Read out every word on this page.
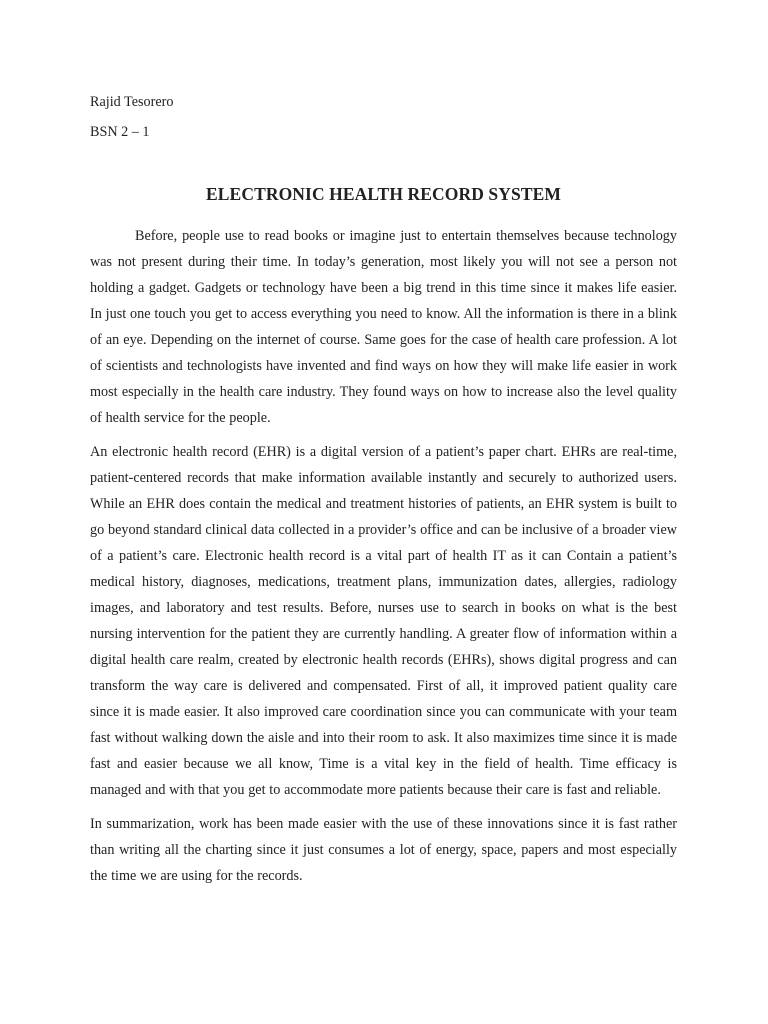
Rajid Tesorero

BSN 2 – 1

ELECTRONIC HEALTH RECORD SYSTEM

Before, people use to read books or imagine just to entertain themselves because technology was not present during their time. In today’s generation, most likely you will not see a person not holding a gadget. Gadgets or technology have been a big trend in this time since it makes life easier. In just one touch you get to access everything you need to know. All the information is there in a blink of an eye. Depending on the internet of course. Same goes for the case of health care profession. A lot of scientists and technologists have invented and find ways on how they will make life easier in work most especially in the health care industry. They found ways on how to increase also the level quality of health service for the people.

An electronic health record (EHR) is a digital version of a patient’s paper chart. EHRs are real-time, patient-centered records that make information available instantly and securely to authorized users. While an EHR does contain the medical and treatment histories of patients, an EHR system is built to go beyond standard clinical data collected in a provider’s office and can be inclusive of a broader view of a patient’s care. Electronic health record is a vital part of health IT as it can Contain a patient’s medical history, diagnoses, medications, treatment plans, immunization dates, allergies, radiology images, and laboratory and test results. Before, nurses use to search in books on what is the best nursing intervention for the patient they are currently handling. A greater flow of information within a digital health care realm, created by electronic health records (EHRs), shows digital progress and can transform the way care is delivered and compensated. First of all, it improved patient quality care since it is made easier. It also improved care coordination since you can communicate with your team fast without walking down the aisle and into their room to ask. It also maximizes time since it is made fast and easier because we all know, Time is a vital key in the field of health. Time efficacy is managed and with that you get to accommodate more patients because their care is fast and reliable.

In summarization, work has been made easier with the use of these innovations since it is fast rather than writing all the charting since it just consumes a lot of energy, space, papers and most especially the time we are using for the records.
